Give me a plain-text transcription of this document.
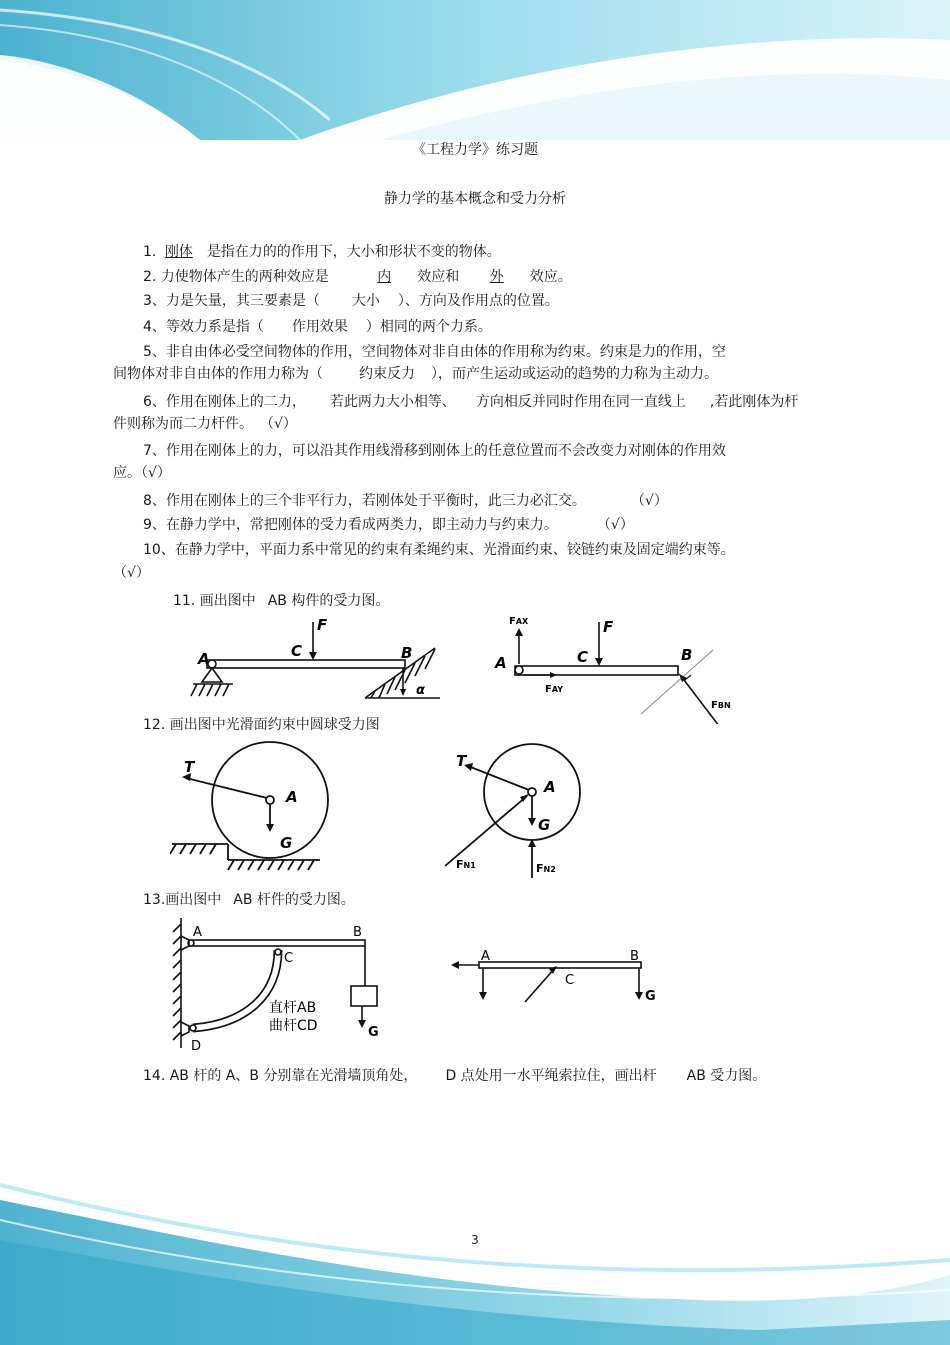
《工程力学》练习题
静力学的基本概念和受力分析
1. 刚体 是指在力的的作用下，大小和形状不变的物体。
2. 力使物体产生的两种效应是	内 效应和 外 效应。
3、力是矢量，其三要素是（ 大小 ）、方向及作用点的位置。
4、等效力系是指（ 作用效果 ）相同的两个力系。
5、非自由体必受空间物体的作用，空间物体对非自由体的作用称为约束。约束是力的作用，空
间物体对非自由体的作用力称为（	约束反力 ），而产生运动或运动的趋势的力称为主动力。
6、作用在刚体上的二力， 若此两力大小相等、 方向相反并同时作用在同一直线上 ,若此刚体为杆
件则称为而二力杆件。 （√）
7、作用在刚体上的力，可以沿其作用线滑移到刚体上的任意位置而不会改变力对刚体的作用效
应。（√）
8、作用在刚体上的三个非平行力，若刚体处于平衡时，此三力必汇交。	（√）
9、在静力学中，常把刚体的受力看成两类力，即主动力与约束力。	（√）
10、在静力学中，平面力系中常见的约束有柔绳约束、光滑面约束、铰链约束及固定端约束等。
（√）
11. 画出图中 AB 构件的受力图。
A	C
F
B
α
FAX
FAY
FBN
A	C
F
B
12. 画出图中光滑面约束中圆球受力图
T
A
G
T
A
G
FN1	FN2
13.画出图中 AB 杆件的受力图。
A	B
C
D
G
直杆AB
曲杆CD
A	B
C
G
14. AB 杆的 A、B 分别靠在光滑墙顶角处， D 点处用一水平绳索拉住，画出杆 AB 受力图。
3
